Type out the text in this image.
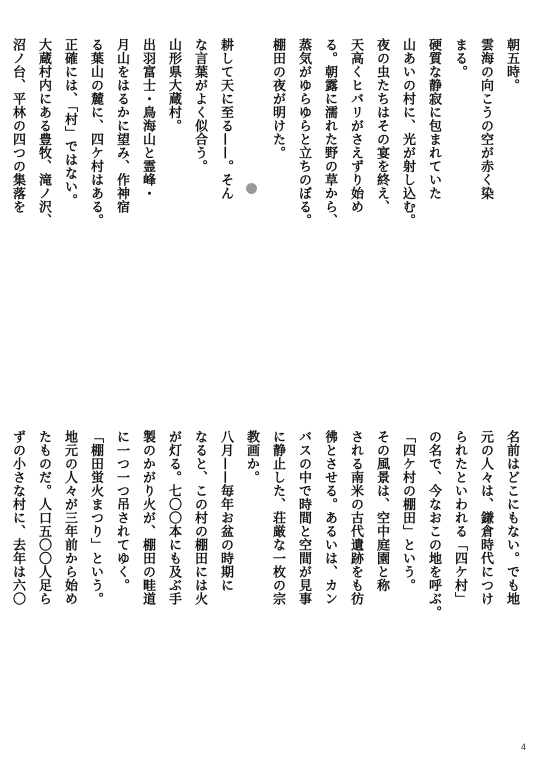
朝五時。

雲海の向こうの空が赤く染

まる。

硬質な静寂に包まれていた

山あいの村に、光が射し込む。

夜の虫たちはその宴を終え、

天高くヒバリがさえずり始め

る。朝露に濡れた野の草から、

蒸気がゆらゆらと立ちのぼる。

棚田の夜が明けた。

耕して天に至る——。そん

な言葉がよく似合う。

山形県大蔵村。

出羽富士・鳥海山と霊峰・

月山をはるかに望み、作神宿

る葉山の麓に、四ケ村はある。

正確には、「村」ではない。

大蔵村内にある豊牧、滝ノ沢、

沼ノ台、平林の四つの集落を

名前はどこにもない。でも地

元の人々は、鎌倉時代につけ

られたといわれる「四ケ村」

の名で、今なおこの地を呼ぶ。

「四ケ村の棚田」という。

その風景は、空中庭園と称

される南米の古代遺跡をも彷

彿とさせる。あるいは、カン

バスの中で時間と空間が見事

に静止した、荘厳な一枚の宗

教画か。

八月——毎年お盆の時期に

なると、この村の棚田には火

が灯る。七〇〇本にも及ぶ手

製のかがり火が、棚田の畦道

に一つ一つ吊されてゆく。

「棚田蛍火まつり」という。

地元の人々が三年前から始め

たものだ。人口五〇〇人足ら

ずの小さな村に、去年は六〇

4
